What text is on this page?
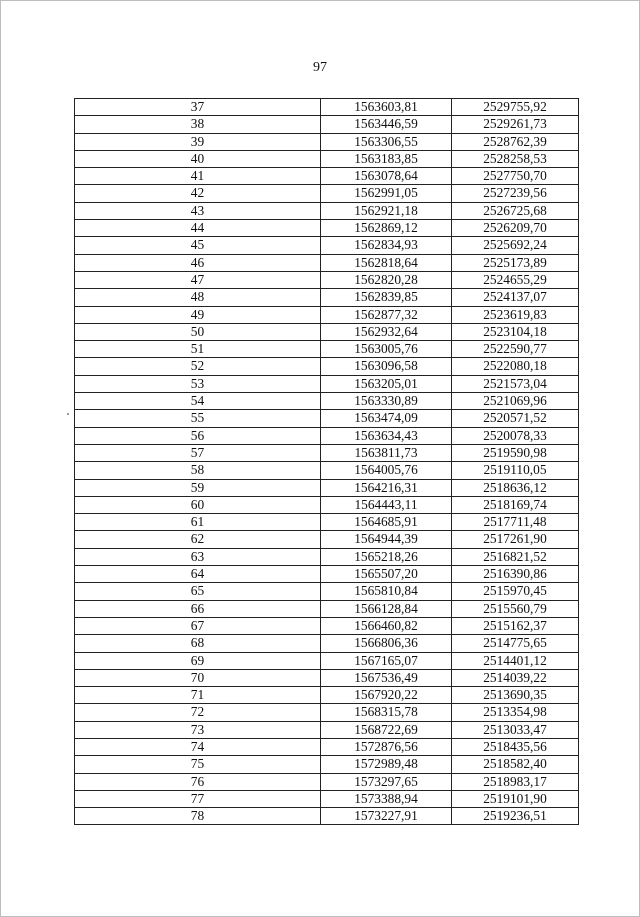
97
37	1563603,81	2529755,92
38	1563446,59	2529261,73
39	1563306,55	2528762,39
40	1563183,85	2528258,53
41	1563078,64	2527750,70
42	1562991,05	2527239,56
43	1562921,18	2526725,68
44	1562869,12	2526209,70
45	1562834,93	2525692,24
46	1562818,64	2525173,89
47	1562820,28	2524655,29
48	1562839,85	2524137,07
49	1562877,32	2523619,83
50	1562932,64	2523104,18
51	1563005,76	2522590,77
52	1563096,58	2522080,18
53	1563205,01	2521573,04
54	1563330,89	2521069,96
55	1563474,09	2520571,52
56	1563634,43	2520078,33
57	1563811,73	2519590,98
58	1564005,76	2519110,05
59	1564216,31	2518636,12
60	1564443,11	2518169,74
61	1564685,91	2517711,48
62	1564944,39	2517261,90
63	1565218,26	2516821,52
64	1565507,20	2516390,86
65	1565810,84	2515970,45
66	1566128,84	2515560,79
67	1566460,82	2515162,37
68	1566806,36	2514775,65
69	1567165,07	2514401,12
70	1567536,49	2514039,22
71	1567920,22	2513690,35
72	1568315,78	2513354,98
73	1568722,69	2513033,47
74	1572876,56	2518435,56
75	1572989,48	2518582,40
76	1573297,65	2518983,17
77	1573388,94	2519101,90
78	1573227,91	2519236,51
